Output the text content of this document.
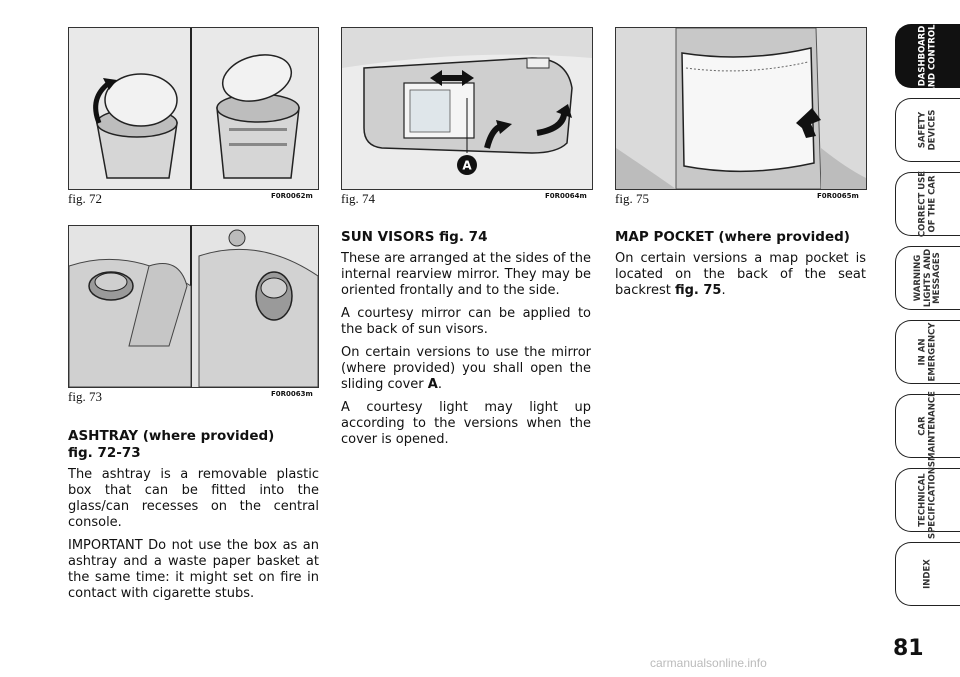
fig. 72	F0R0062m
fig. 73	F0R0063m
A
fig. 74	F0R0064m fig. 75	F0R0065m
ASHTRAY (where provided)
fig. 72-73

The ashtray is a removable plastic box that can be fitted into the glass/can recesses on the central console.

IMPORTANT Do not use the box as an ashtray and a waste paper basket at the same time: it might set on fire in contact with cigarette stubs.

SUN VISORS fig. 74

These are arranged at the sides of the internal rearview mirror. They may be oriented frontally and to the side.

A courtesy mirror can be applied to the back of sun visors.

On certain versions to use the mirror (where provided) you shall open the sliding cover A.

A courtesy light may light up according to the versions when the cover is opened.

MAP POCKET (where provided)

On certain versions a map pocket is located on the back of the seat backrest fig. 75.

DASHBOARD
AND CONTROLS
SAFETY
DEVICES
CORRECT USE
OF THE CAR
WARNING
LIGHTS AND
MESSAGES
IN AN
EMERGENCY
CAR
MAINTENANCE
TECHNICAL
SPECIFICATIONS
INDEX
81
carmanualsonline.info
